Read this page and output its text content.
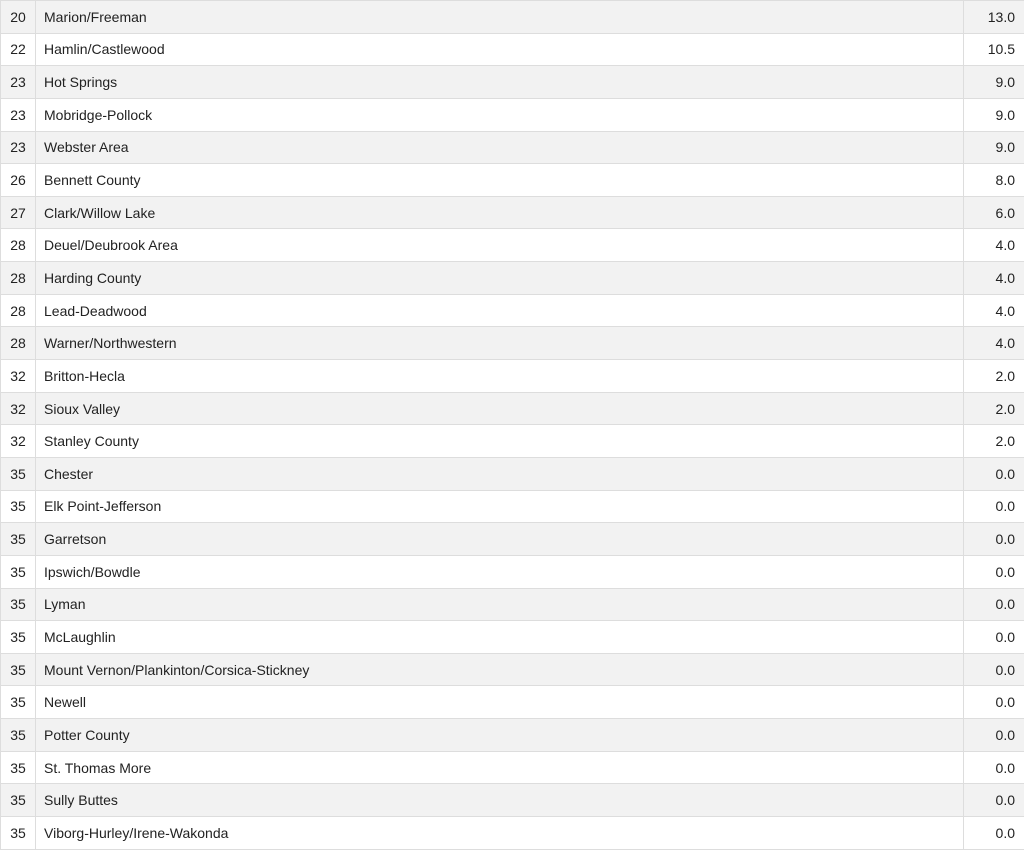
20	Marion/Freeman	13.0
22	Hamlin/Castlewood	10.5
23	Hot Springs	9.0
23	Mobridge-Pollock	9.0
23	Webster Area	9.0
26	Bennett County	8.0
27	Clark/Willow Lake	6.0
28	Deuel/Deubrook Area	4.0
28	Harding County	4.0
28	Lead-Deadwood	4.0
28	Warner/Northwestern	4.0
32	Britton-Hecla	2.0
32	Sioux Valley	2.0
32	Stanley County	2.0
35	Chester	0.0
35	Elk Point-Jefferson	0.0
35	Garretson	0.0
35	Ipswich/Bowdle	0.0
35	Lyman	0.0
35	McLaughlin	0.0
35	Mount Vernon/Plankinton/Corsica-Stickney	0.0
35	Newell	0.0
35	Potter County	0.0
35	St. Thomas More	0.0
35	Sully Buttes	0.0
35	Viborg-Hurley/Irene-Wakonda	0.0
